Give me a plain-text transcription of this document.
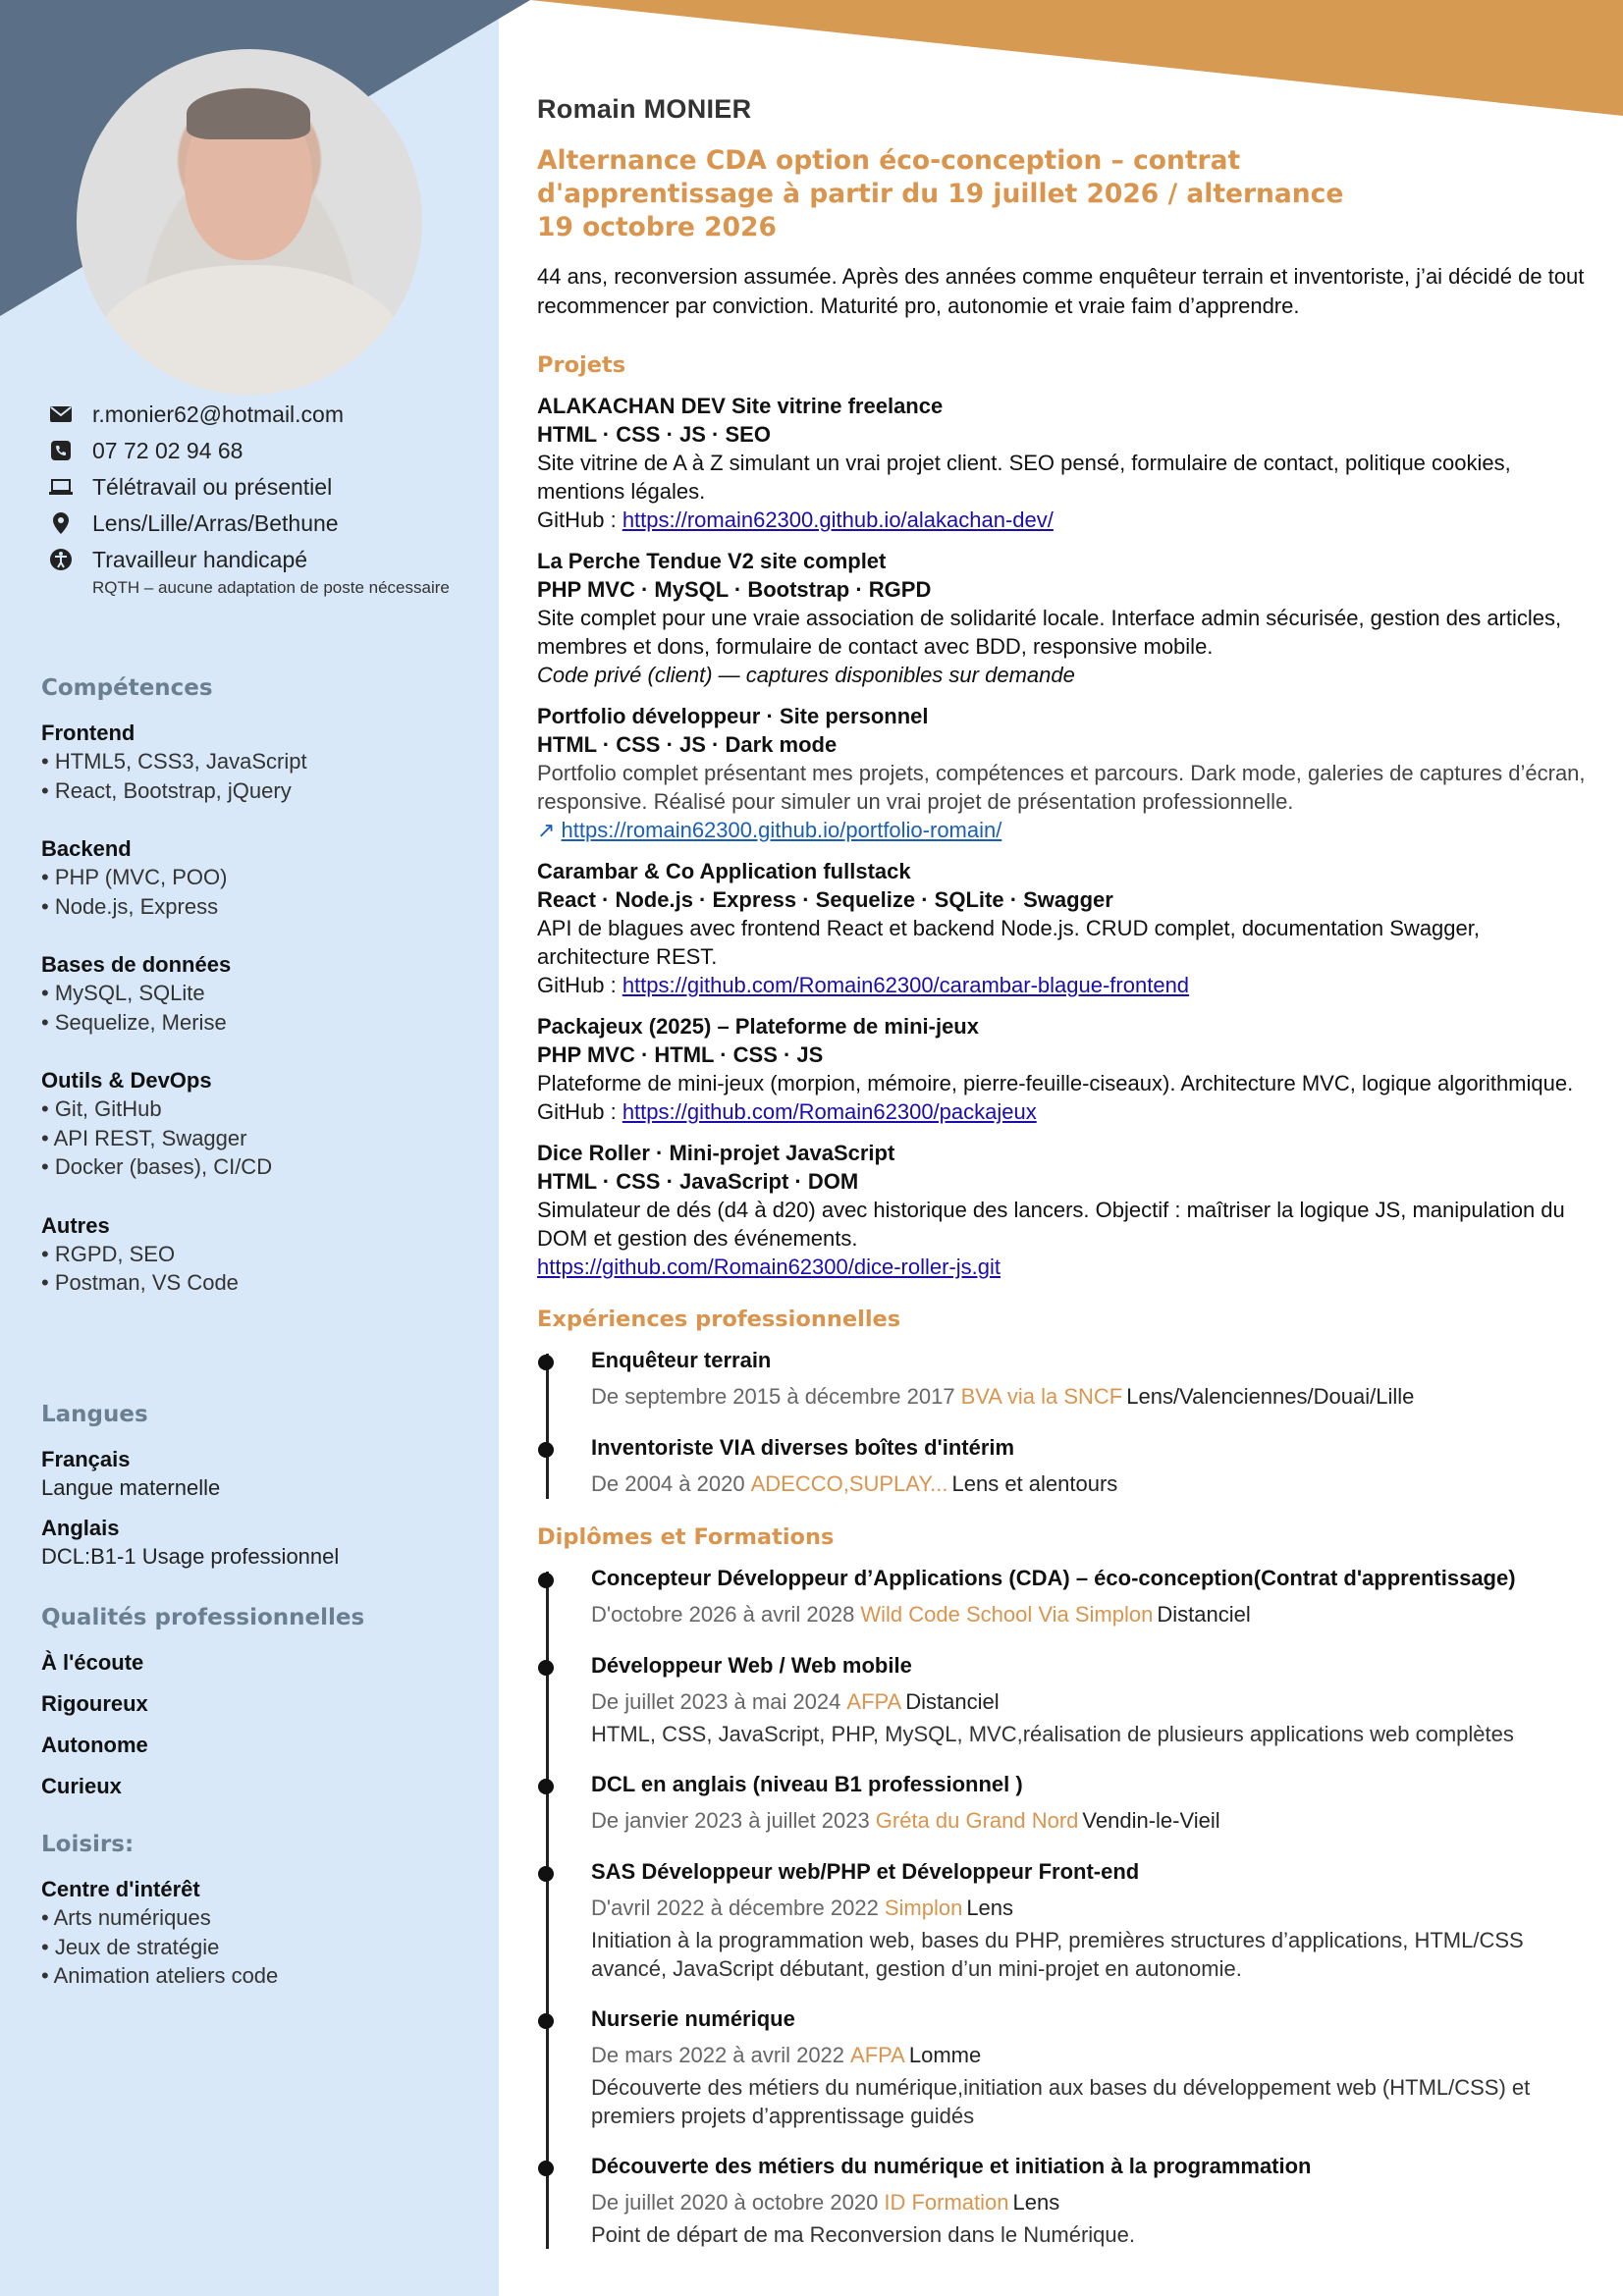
r.monier62@hotmail.com
07 72 02 94 68
Télétravail ou présentiel
Lens/Lille/Arras/Bethune
Travailleur handicapé
RQTH – aucune adaptation de poste nécessaire
Compétences
Frontend
• HTML5, CSS3, JavaScript
• React, Bootstrap, jQuery
Backend
• PHP (MVC, POO)
• Node.js, Express
Bases de données
• MySQL, SQLite
• Sequelize, Merise
Outils & DevOps
• Git, GitHub
• API REST, Swagger
• Docker (bases), CI/CD
Autres
• RGPD, SEO
• Postman, VS Code
Langues
Français
Langue maternelle
Anglais
DCL:B1-1 Usage professionnel
Qualités professionnelles
À l'écoute
Rigoureux
Autonome
Curieux
Loisirs:
Centre d'intérêt
• Arts numériques
• Jeux de stratégie
• Animation ateliers code
Romain MONIER
Alternance CDA option éco-conception – contrat d'apprentissage à partir du 19 juillet 2026 / alternance 19 octobre 2026
44 ans, reconversion assumée. Après des années comme enquêteur terrain et inventoriste, j’ai décidé de tout recommencer par conviction. Maturité pro, autonomie et vraie faim d’apprendre.
Projets
ALAKACHAN DEV Site vitrine freelance
HTML · CSS · JS · SEO
Site vitrine de A à Z simulant un vrai projet client. SEO pensé, formulaire de contact, politique cookies, mentions légales.
GitHub : https://romain62300.github.io/alakachan-dev/
La Perche Tendue V2 site complet
PHP MVC · MySQL · Bootstrap · RGPD
Site complet pour une vraie association de solidarité locale. Interface admin sécurisée, gestion des articles, membres et dons, formulaire de contact avec BDD, responsive mobile.
Code privé (client) — captures disponibles sur demande
Portfolio développeur · Site personnel
HTML · CSS · JS · Dark mode
Portfolio complet présentant mes projets, compétences et parcours. Dark mode, galeries de captures d’écran, responsive. Réalisé pour simuler un vrai projet de présentation professionnelle.
↗ https://romain62300.github.io/portfolio-romain/
Carambar & Co Application fullstack
React · Node.js · Express · Sequelize · SQLite · Swagger
API de blagues avec frontend React et backend Node.js. CRUD complet, documentation Swagger, architecture REST.
GitHub : https://github.com/Romain62300/carambar-blague-frontend
Packajeux (2025) – Plateforme de mini-jeux
PHP MVC · HTML · CSS · JS
Plateforme de mini-jeux (morpion, mémoire, pierre-feuille-ciseaux). Architecture MVC, logique algorithmique.
GitHub : https://github.com/Romain62300/packajeux
Dice Roller · Mini-projet JavaScript
HTML · CSS · JavaScript · DOM
Simulateur de dés (d4 à d20) avec historique des lancers. Objectif : maîtriser la logique JS, manipulation du DOM et gestion des événements.
https://github.com/Romain62300/dice-roller-js.git
Expériences professionnelles
Enquêteur terrain
De septembre 2015 à décembre 2017 BVA via la SNCF Lens/Valenciennes/Douai/Lille
Inventoriste VIA diverses boîtes d'intérim
De 2004 à 2020 ADECCO,SUPLAY... Lens et alentours
Diplômes et Formations
Concepteur Développeur d’Applications (CDA) – éco-conception(Contrat d'apprentissage)
D'octobre 2026 à avril 2028 Wild Code School Via Simplon Distanciel
Développeur Web / Web mobile
De juillet 2023 à mai 2024 AFPA Distanciel
HTML, CSS, JavaScript, PHP, MySQL, MVC,réalisation de plusieurs applications web complètes
DCL en anglais (niveau B1 professionnel )
De janvier 2023 à juillet 2023 Gréta du Grand Nord Vendin-le-Vieil
SAS Développeur web/PHP et Développeur Front-end
D'avril 2022 à décembre 2022 Simplon Lens
Initiation à la programmation web, bases du PHP, premières structures d’applications, HTML/CSS avancé, JavaScript débutant, gestion d’un mini-projet en autonomie.
Nurserie numérique
De mars 2022 à avril 2022 AFPA Lomme
Découverte des métiers du numérique,initiation aux bases du développement web (HTML/CSS) et premiers projets d’apprentissage guidés
Découverte des métiers du numérique et initiation à la programmation
De juillet 2020 à octobre 2020 ID Formation Lens
Point de départ de ma Reconversion dans le Numérique.
